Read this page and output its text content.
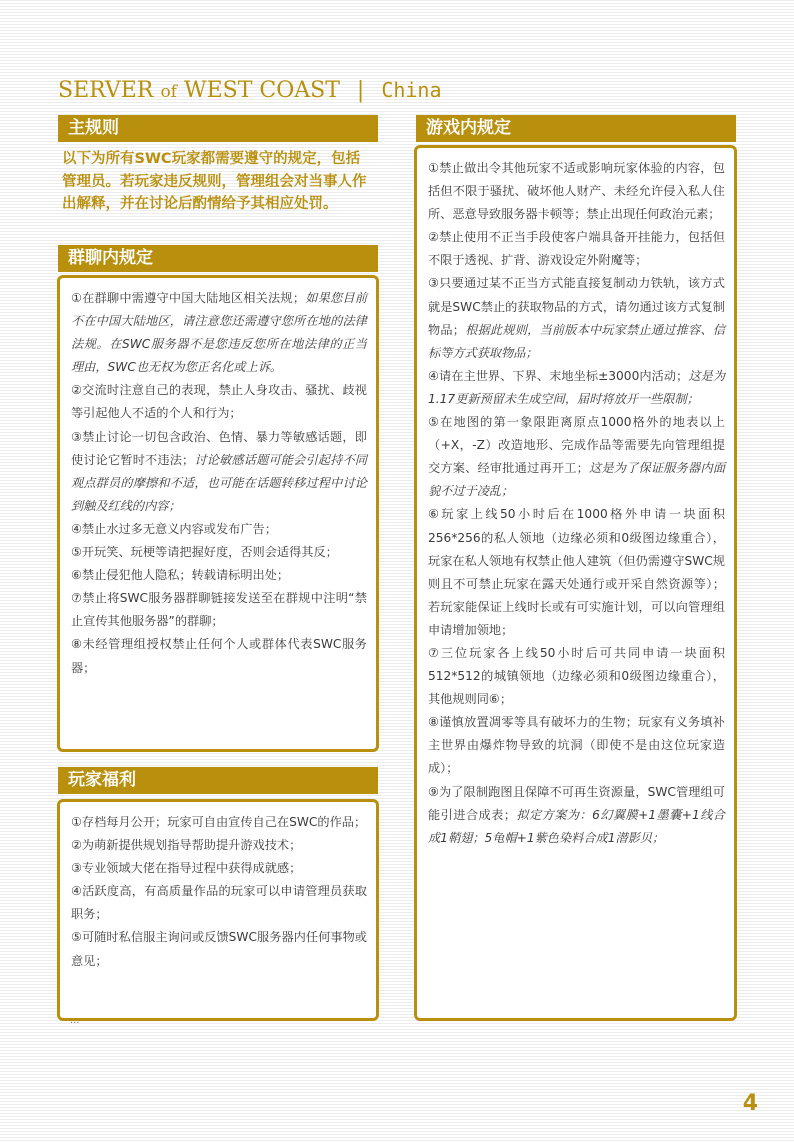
SERVER of WEST COAST | China
主规则
以下为所有SWC玩家都需要遵守的规定，包括管理员。若玩家违反规则，管理组会对当事人作出解释，并在讨论后酌情给予其相应处罚。
群聊内规定

①在群聊中需遵守中国大陆地区相关法规；如果您目前不在中国大陆地区，请注意您还需遵守您所在地的法律法规。在SWC服务器不是您违反您所在地法律的正当理由，SWC也无权为您正名化或上诉。

②交流时注意自己的表现，禁止人身攻击、骚扰、歧视等引起他人不适的个人和行为；

③禁止讨论一切包含政治、色情、暴力等敏感话题，即使讨论它暂时不违法；讨论敏感话题可能会引起持不同观点群员的摩擦和不适，也可能在话题转移过程中讨论到触及红线的内容；

④禁止水过多无意义内容或发布广告；

⑤开玩笑、玩梗等请把握好度，否则会适得其反；

⑥禁止侵犯他人隐私；转载请标明出处；

⑦禁止将SWC服务器群聊链接发送至在群规中注明“禁止宣传其他服务器”的群聊；

⑧未经管理组授权禁止任何个人或群体代表SWC服务器；

玩家福利

①存档每月公开；玩家可自由宣传自己在SWC的作品；

②为萌新提供规划指导帮助提升游戏技术；

③专业领域大佬在指导过程中获得成就感；

④活跃度高，有高质量作品的玩家可以申请管理员获取职务；

⑤可随时私信服主询问或反馈SWC服务器内任何事物或意见；

...
游戏内规定

①禁止做出令其他玩家不适或影响玩家体验的内容，包括但不限于骚扰、破坏他人财产、未经允许侵入私人住所、恶意导致服务器卡顿等；禁止出现任何政治元素；

②禁止使用不正当手段使客户端具备开挂能力，包括但不限于透视、扩背、游戏设定外附魔等；

③只要通过某不正当方式能直接复制动力铁轨，该方式就是SWC禁止的获取物品的方式，请勿通过该方式复制物品；根据此规则，当前版本中玩家禁止通过推容、信标等方式获取物品；

④请在主世界、下界、末地坐标±3000内活动；这是为1.17更新预留未生成空间，届时将放开一些限制；

⑤在地图的第一象限距离原点1000格外的地表以上（+X，-Z）改造地形、完成作品等需要先向管理组提交方案、经审批通过再开工；这是为了保证服务器内面貌不过于凌乱；

⑥玩家上线50小时后在1000格外申请一块面积256*256的私人领地（边缘必须和0级图边缘重合），玩家在私人领地有权禁止他人建筑（但仍需遵守SWC规则且不可禁止玩家在露天处通行或开采自然资源等）；若玩家能保证上线时长或有可实施计划，可以向管理组申请增加领地；

⑦三位玩家各上线50小时后可共同申请一块面积512*512的城镇领地（边缘必须和0级图边缘重合），其他规则同⑥；

⑧谨慎放置凋零等具有破坏力的生物；玩家有义务填补主世界由爆炸物导致的坑洞（即使不是由这位玩家造成）；

⑨为了限制跑图且保障不可再生资源量，SWC管理组可能引进合成表；拟定方案为：6幻翼膜+1墨囊+1线合成1鞘翅；5龟帽+1紫色染料合成1潜影贝；

4
